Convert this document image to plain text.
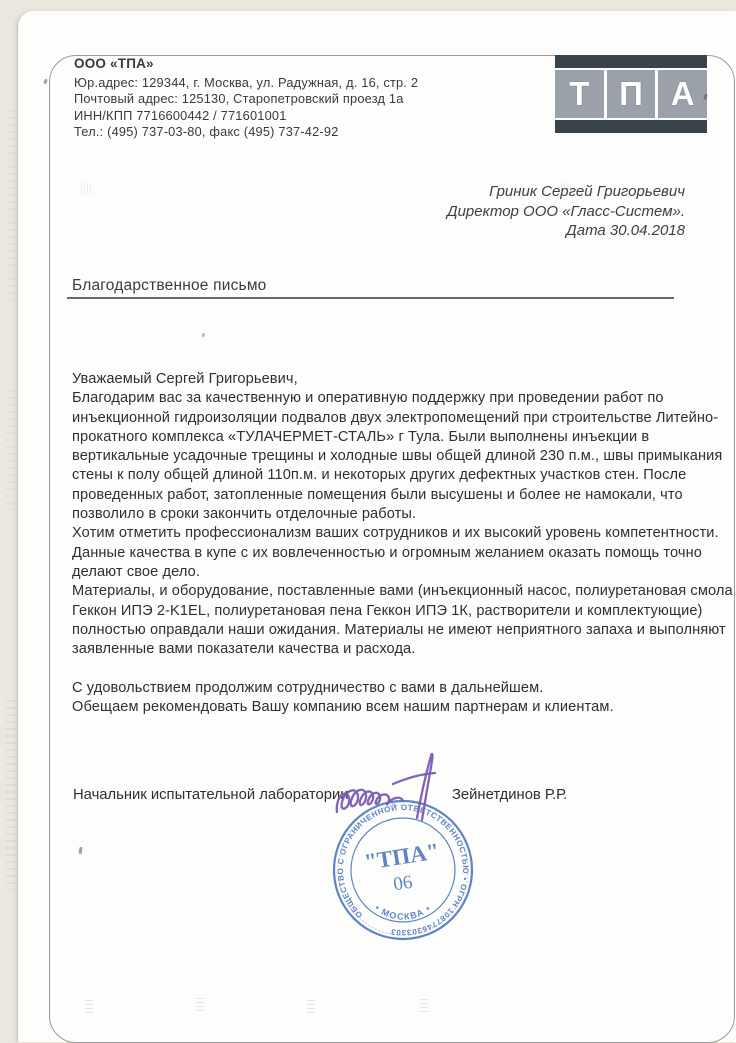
ООО «ТПА»
Юр.адрес: 129344, г. Москва, ул. Радужная, д. 16, стр. 2
Почтовый адрес: 125130, Старопетровский проезд 1а
ИНН/КПП 7716600442 / 771601001
Тел.: (495) 737-03-80, факс (495) 737-42-92
Т П А
Гриник Сергей Григорьевич
Директор ООО «Гласс-Систем».
Дата 30.04.2018
Благодарственное письмо
Уважаемый Сергей Григорьевич,
Благодарим вас за качественную и оперативную поддержку при проведении работ по
инъекционной гидроизоляции подвалов двух электропомещений при строительстве Литейно-
прокатного комплекса «ТУЛАЧЕРМЕТ-СТАЛЬ» г Тула. Были выполнены инъекции в
вертикальные усадочные трещины и холодные швы общей длиной 230 п.м., швы примыкания
стены к полу общей длиной 110п.м. и некоторых других дефектных участков стен. После
проведенных работ, затопленные помещения были высушены и более не намокали, что
позволило в сроки закончить отделочные работы.
Хотим отметить профессионализм ваших сотрудников и их высокий уровень компетентности.
Данные качества в купе с их вовлеченностью и огромным желанием оказать помощь точно
делают свое дело.
Материалы, и оборудование, поставленные вами (инъекционный насос, полиуретановая смола
Геккон ИПЭ 2-K1EL, полиуретановая пена Геккон ИПЭ 1К, растворители и комплектующие)
полностью оправдали наши ожидания. Материалы не имеют неприятного запаха и выполняют
заявленные вами показатели качества и расхода.

С удовольствием продолжим сотрудничество с вами в дальнейшем.
Обещаем рекомендовать Вашу компанию всем нашим партнерам и клиентам.
Начальник испытательной лаборатории	Зейнетдинов Р.Р.
ОБЩЕСТВО С ОГРАНИЧЕННОЙ ОТВЕТСТВЕННОСТЬЮ • ОГРН 1087746303303
• МОСКВА •
"ТПА"
06
